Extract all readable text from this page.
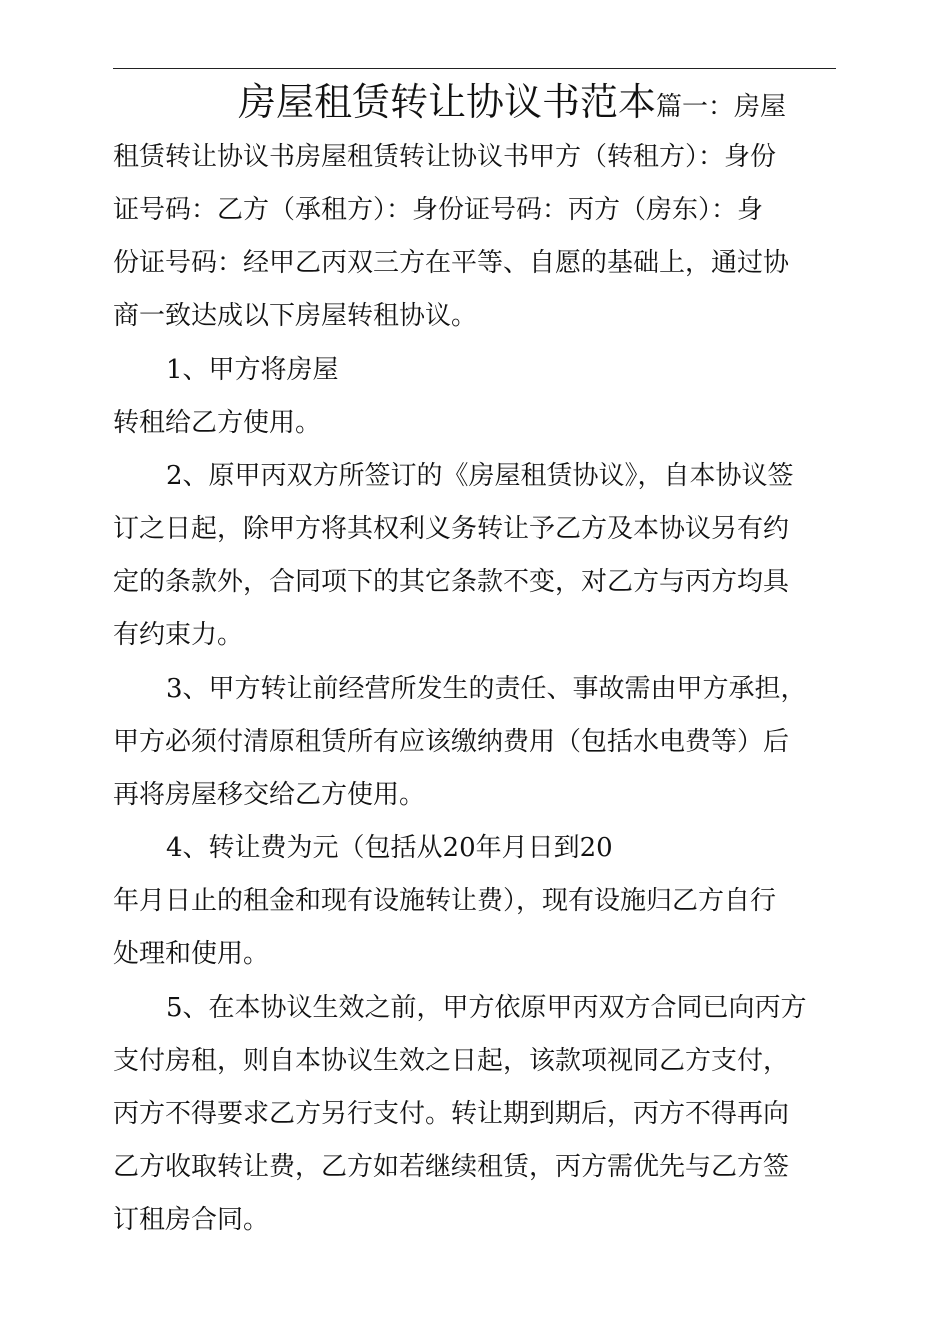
房屋租赁转让协议书范本篇一：房屋
租赁转让协议书房屋租赁转让协议书甲方（转租方）：身份
证号码：乙方（承租方）：身份证号码：丙方（房东）：身
份证号码：经甲乙丙双三方在平等、自愿的基础上，通过协
商一致达成以下房屋转租协议。
1、甲方将房屋
转租给乙方使用。
2、原甲丙双方所签订的《房屋租赁协议》，自本协议签
订之日起，除甲方将其权利义务转让予乙方及本协议另有约
定的条款外，合同项下的其它条款不变，对乙方与丙方均具
有约束力。
3、甲方转让前经营所发生的责任、事故需由甲方承担，
甲方必须付清原租赁所有应该缴纳费用（包括水电费等）后
再将房屋移交给乙方使用。
4、转让费为元（包括从20年月日到20
年月日止的租金和现有设施转让费），现有设施归乙方自行
处理和使用。
5、在本协议生效之前，甲方依原甲丙双方合同已向丙方
支付房租，则自本协议生效之日起，该款项视同乙方支付，
丙方不得要求乙方另行支付。转让期到期后，丙方不得再向
乙方收取转让费，乙方如若继续租赁，丙方需优先与乙方签
订租房合同。
